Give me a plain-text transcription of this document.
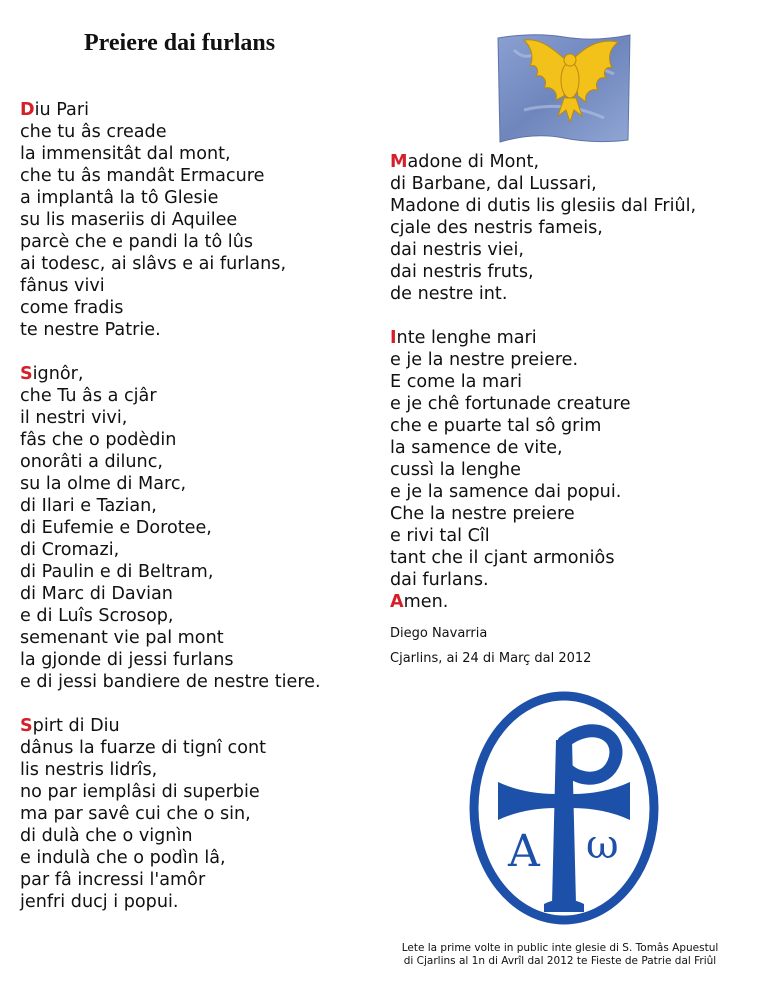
Preiere dai furlans
Diu Pari
che tu âs creade
la immensitât dal mont,
che tu âs mandât Ermacure
a implantâ la tô Glesie
su lis maseriis di Aquilee
parcè che e pandi la tô lûs
ai todesc, ai slâvs e ai furlans,
fânus vivi
come fradis
te nestre Patrie.
Signôr,
che Tu âs a cjâr
il nestri vivi,
fâs che o podèdin
onorâti a dilunc,
su la olme di Marc,
di Ilari e Tazian,
di Eufemie e Dorotee,
di Cromazi,
di Paulin e di Beltram,
di Marc di Davian
e di Luîs Scrosop,
semenant vie pal mont
la gjonde di jessi furlans
e di jessi bandiere de nestre tiere.
Spirt di Diu
dânus la fuarze di tignî cont
lis nestris lidrîs,
no par iemplâsi di superbie
ma par savê cui che o sin,
di dulà che o vignìn
e indulà che o podìn lâ,
par fâ incressi l'amôr
jenfri ducj i popui.
Madone di Mont,
di Barbane, dal Lussari,
Madone di dutis lis glesiis dal Friûl,
cjale des nestris fameis,
dai nestris viei,
dai nestris fruts,
de nestre int.
Inte lenghe mari
e je la nestre preiere.
E come la mari
e je chê fortunade creature
che e puarte tal sô grim
la samence de vite,
cussì la lenghe
e je la samence dai popui.
Che la nestre preiere
e rivi tal Cîl
tant che il cjant armoniôs
dai furlans.
Amen.
Diego Navarria
Cjarlins, ai 24 di Març dal 2012
A ω
Lete la prime volte in public inte glesie di S. Tomâs Apuestul
di Cjarlins al 1n di Avrîl dal 2012 te Fieste de Patrie dal Friûl
